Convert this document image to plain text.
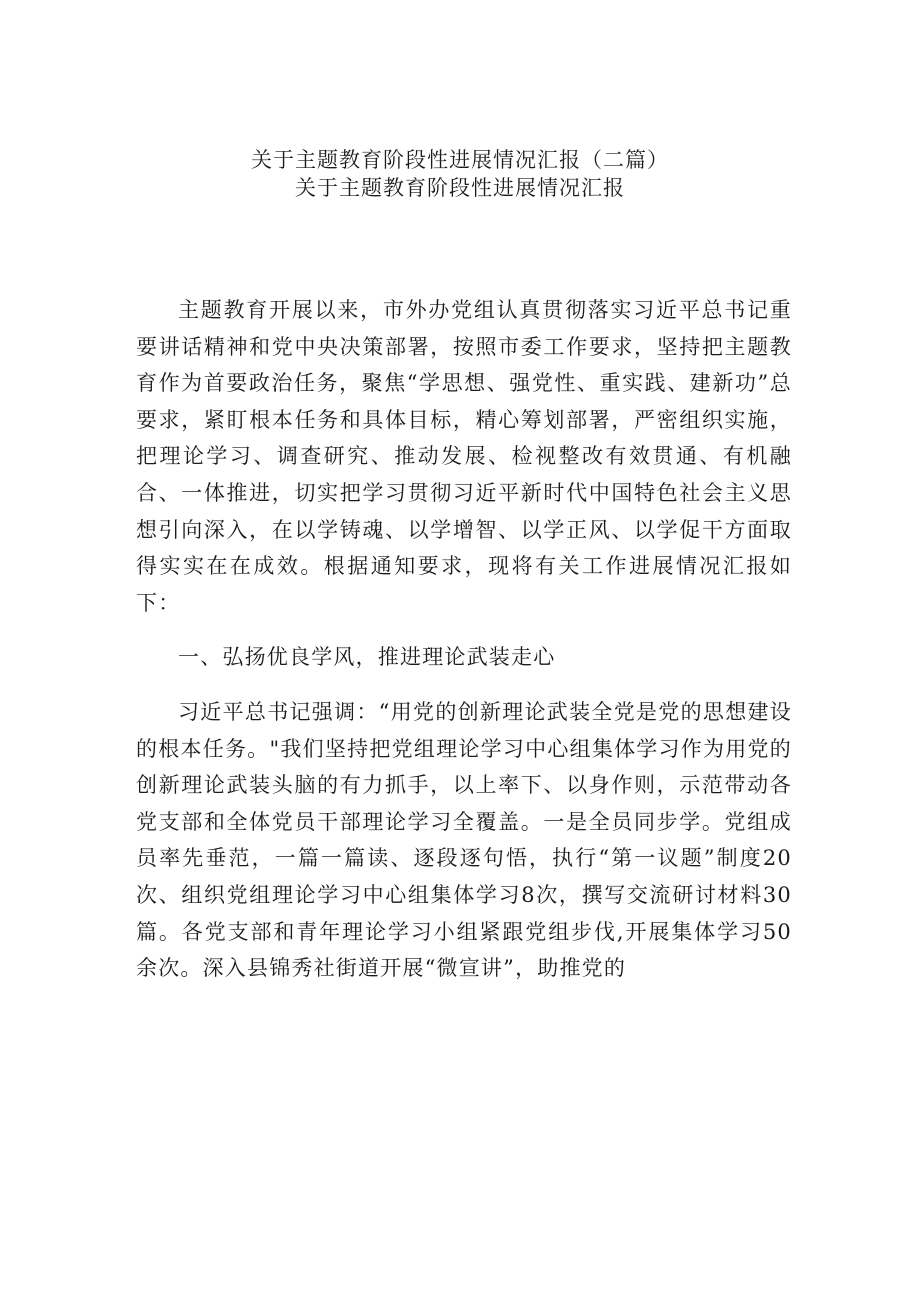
关于主题教育阶段性进展情况汇报（二篇）
关于主题教育阶段性进展情况汇报

主题教育开展以来，市外办党组认真贯彻落实习近平总书记重要讲话精神和党中央决策部署，按照市委工作要求，坚持把主题教育作为首要政治任务，聚焦“学思想、强党性、重实践、建新功”总要求，紧盯根本任务和具体目标，精心筹划部署，严密组织实施，把理论学习、调查研究、推动发展、检视整改有效贯通、有机融合、一体推进，切实把学习贯彻习近平新时代中国特色社会主义思想引向深入，在以学铸魂、以学增智、以学正风、以学促干方面取得实实在在成效。根据通知要求，现将有关工作进展情况汇报如下：

一、弘扬优良学风，推进理论武装走心

习近平总书记强调：“用党的创新理论武装全党是党的思想建设的根本任务。"我们坚持把党组理论学习中心组集体学习作为用党的创新理论武装头脑的有力抓手，以上率下、以身作则，示范带动各党支部和全体党员干部理论学习全覆盖。一是全员同步学。党组成员率先垂范，一篇一篇读、逐段逐句悟，执行“第一议题”制度20次、组织党组理论学习中心组集体学习8次，撰写交流研讨材料30篇。各党支部和青年理论学习小组紧跟党组步伐,开展集体学习50余次。深入县锦秀社街道开展“微宣讲”，助推党的
